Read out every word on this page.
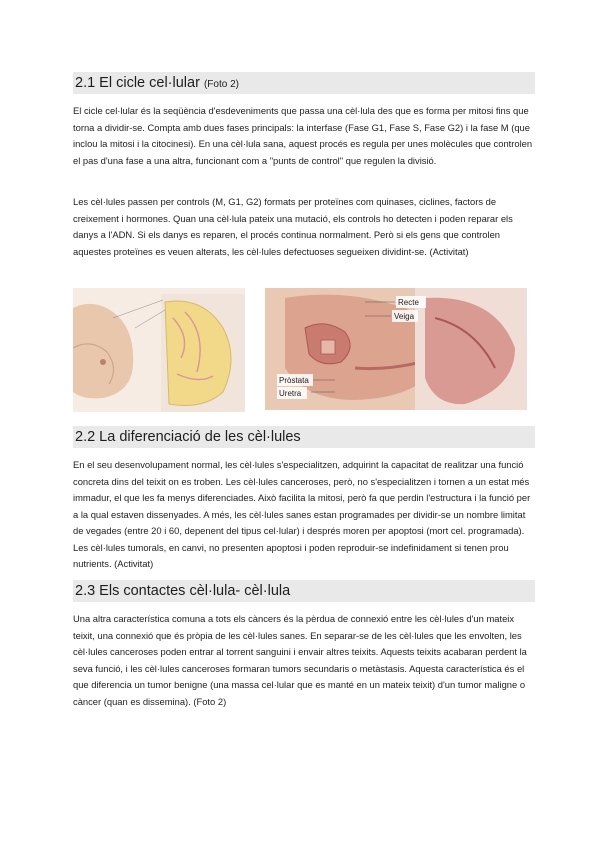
2.1 El cicle cel·lular (Foto 2)

El cicle cel·lular és la seqüència d'esdeveniments que passa una cèl·lula des que es forma per mitosi fins que torna a dividir-se. Compta amb dues fases principals: la interfase (Fase G1, Fase S, Fase G2) i la fase M (que inclou la mitosi i la citocinesi). En una cèl·lula sana, aquest procés es regula per unes molècules que controlen el pas d'una fase a una altra, funcionant com a "punts de control" que regulen la divisió.

Les cèl·lules passen per controls (M, G1, G2) formats per proteïnes com quinases, ciclines, factors de creixement i hormones. Quan una cèl·lula pateix una mutació, els controls ho detecten i poden reparar els danys a l'ADN. Si els danys es reparen, el procés continua normalment. Però si els gens que controlen aquestes proteïnes es veuen alterats, les cèl·lules defectuoses segueixen dividint-se. (Activitat)

Recte
Veiga
Pròstata
Uretra
2.2 La diferenciació de les cèl·lules

En el seu desenvolupament normal, les cèl·lules s'especialitzen, adquirint la capacitat de realitzar una funció concreta dins del teixit on es troben. Les cèl·lules canceroses, però, no s'especialitzen i tornen a un estat més immadur, el que les fa menys diferenciades. Això facilita la mitosi, però fa que perdin l'estructura i la funció per a la qual estaven dissenyades. A més, les cèl·lules sanes estan programades per dividir-se un nombre limitat de vegades (entre 20 i 60, depenent del tipus cel·lular) i després moren per apoptosi (mort cel. programada). Les cèl·lules tumorals, en canvi, no presenten apoptosi i poden reproduir-se indefinidament si tenen prou nutrients. (Activitat)

2.3 Els contactes cèl·lula- cèl·lula

Una altra característica comuna a tots els càncers és la pèrdua de connexió entre les cèl·lules d'un mateix teixit, una connexió que és pròpia de les cèl·lules sanes. En separar-se de les cèl·lules que les envolten, les cèl·lules canceroses poden entrar al torrent sanguini i envair altres teixits. Aquests teixits acabaran perdent la seva funció, i les cèl·lules canceroses formaran tumors secundaris o metàstasis. Aquesta característica és el que diferencia un tumor benigne (una massa cel·lular que es manté en un mateix teixit) d'un tumor maligne o càncer (quan es dissemina). (Foto 2)
